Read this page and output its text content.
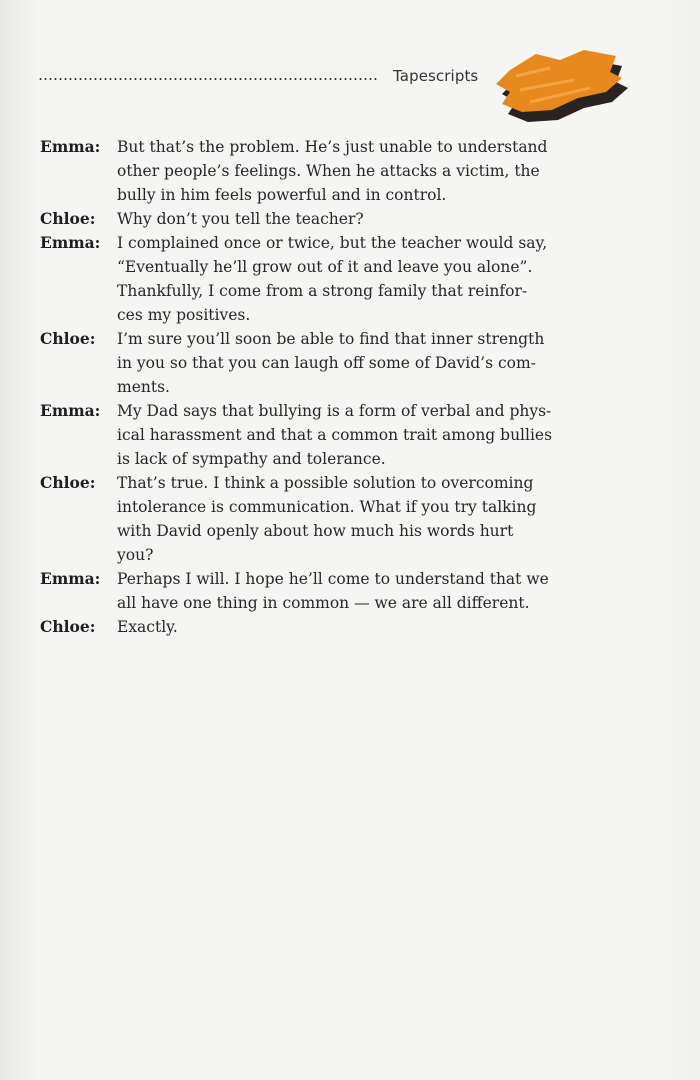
Tapescripts
Emma:	But that’s the problem. He’s just unable to understand
other people’s feelings. When he attacks a victim, the
bully in him feels powerful and in control.
Chloe:	Why don’t you tell the teacher?
Emma:	I complained once or twice, but the teacher would say,
“Eventually he’ll grow out of it and leave you alone”.
Thankfully, I come from a strong family that reinfor-
ces my positives.
Chloe:	I’m sure you’ll soon be able to find that inner strength
in you so that you can laugh off some of David’s com-
ments.
Emma:	My Dad says that bullying is a form of verbal and phys-
ical harassment and that a common trait among bullies
is lack of sympathy and tolerance.
Chloe:	That’s true. I think a possible solution to overcoming
intolerance is communication. What if you try talking
with David openly about how much his words hurt
you?
Emma:	Perhaps I will. I hope he’ll come to understand that we
all have one thing in common — we are all different.
Chloe:	Exactly.
